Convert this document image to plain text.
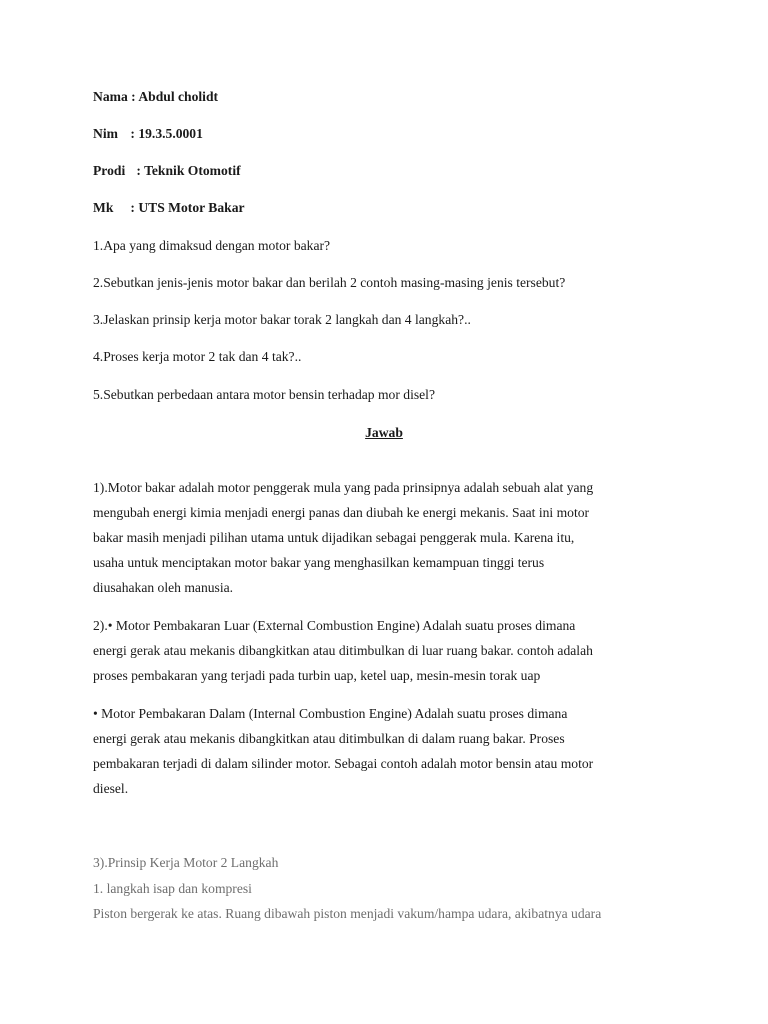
Nama : Abdul cholidt
Nim : 19.3.5.0001
Prodi : Teknik Otomotif
Mk : UTS Motor Bakar
1.Apa yang dimaksud dengan motor bakar?
2.Sebutkan jenis-jenis motor bakar dan berilah 2 contoh masing-masing jenis tersebut?
3.Jelaskan prinsip kerja motor bakar torak 2 langkah dan 4 langkah?..
4.Proses kerja motor 2 tak dan 4 tak?..
5.Sebutkan perbedaan antara motor bensin terhadap mor disel?
Jawab
1).Motor bakar adalah motor penggerak mula yang pada prinsipnya adalah sebuah alat yang
mengubah energi kimia menjadi energi panas dan diubah ke energi mekanis. Saat ini motor
bakar masih menjadi pilihan utama untuk dijadikan sebagai penggerak mula. Karena itu,
usaha untuk menciptakan motor bakar yang menghasilkan kemampuan tinggi terus
diusahakan oleh manusia.
2).• Motor Pembakaran Luar (External Combustion Engine) Adalah suatu proses dimana
energi gerak atau mekanis dibangkitkan atau ditimbulkan di luar ruang bakar. contoh adalah
proses pembakaran yang terjadi pada turbin uap, ketel uap, mesin-mesin torak uap
• Motor Pembakaran Dalam (Internal Combustion Engine) Adalah suatu proses dimana
energi gerak atau mekanis dibangkitkan atau ditimbulkan di dalam ruang bakar. Proses
pembakaran terjadi di dalam silinder motor. Sebagai contoh adalah motor bensin atau motor
diesel.
3).Prinsip Kerja Motor 2 Langkah
1. langkah isap dan kompresi
Piston bergerak ke atas. Ruang dibawah piston menjadi vakum/hampa udara, akibatnya udara
